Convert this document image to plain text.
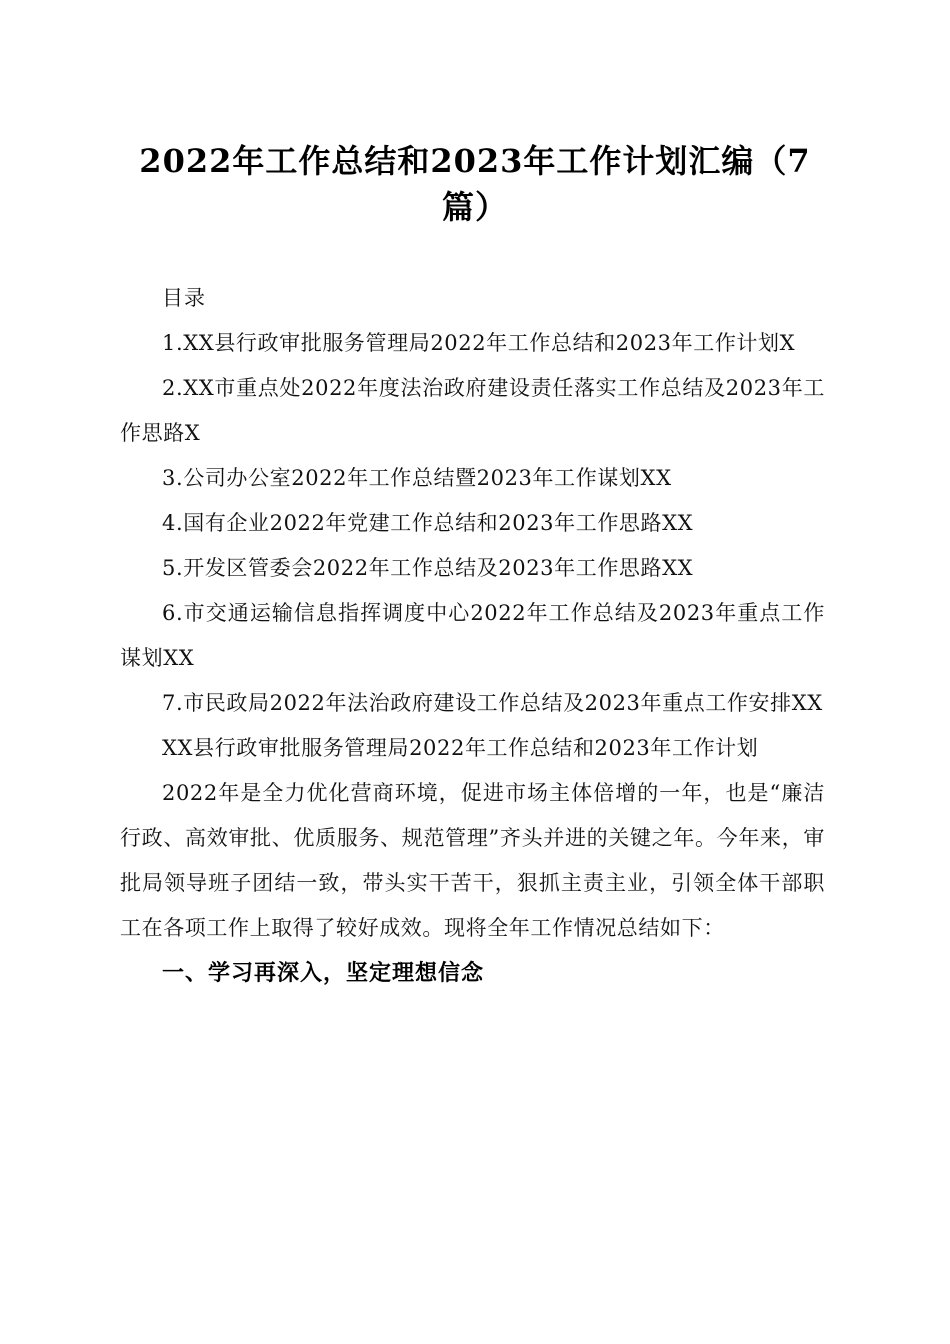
2022年工作总结和2023年工作计划汇编（7篇）

目录

1.XX县行政审批服务管理局2022年工作总结和2023年工作计划X

2.XX市重点处2022年度法治政府建设责任落实工作总结及2023年工作思路X

3.公司办公室2022年工作总结暨2023年工作谋划XX

4.国有企业2022年党建工作总结和2023年工作思路XX

5.开发区管委会2022年工作总结及2023年工作思路XX

6.市交通运输信息指挥调度中心2022年工作总结及2023年重点工作谋划XX

7.市民政局2022年法治政府建设工作总结及2023年重点工作安排XX

XX县行政审批服务管理局2022年工作总结和2023年工作计划

2022年是全力优化营商环境，促进市场主体倍增的一年，也是“廉洁行政、高效审批、优质服务、规范管理”齐头并进的关键之年。今年来，审批局领导班子团结一致，带头实干苦干，狠抓主责主业，引领全体干部职工在各项工作上取得了较好成效。现将全年工作情况总结如下：

一、学习再深入，坚定理想信念
